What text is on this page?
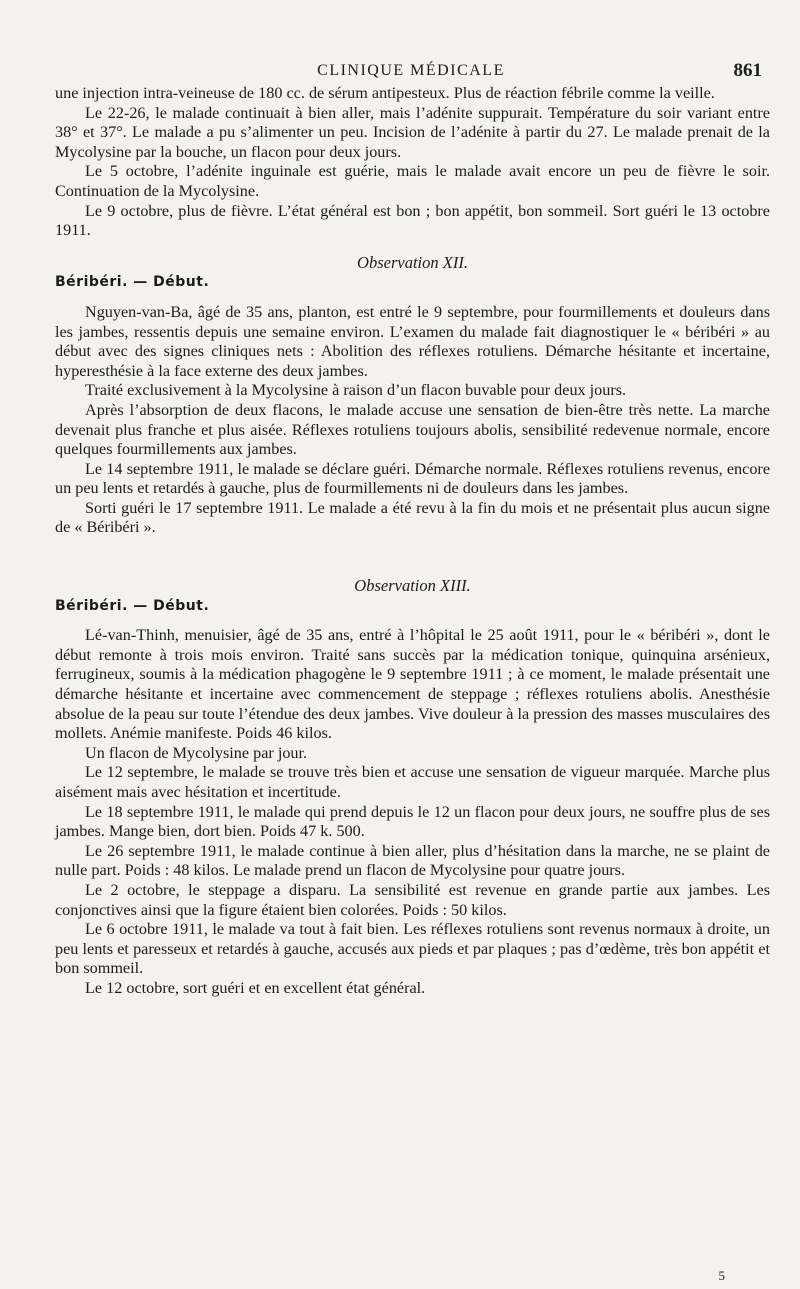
CLINIQUE MÉDICALE	861

une injection intra-veineuse de 180 cc. de sérum antipesteux. Plus de réaction fébrile comme la veille.

Le 22-26, le malade continuait à bien aller, mais l’adénite suppurait. Température du soir variant entre 38° et 37°. Le malade a pu s’alimenter un peu. Incision de l’adénite à partir du 27. Le malade prenait de la Mycolysine par la bouche, un flacon pour deux jours.

Le 5 octobre, l’adénite inguinale est guérie, mais le malade avait encore un peu de fièvre le soir. Continuation de la Mycolysine.

Le 9 octobre, plus de fièvre. L’état général est bon ; bon appétit, bon sommeil. Sort guéri le 13 octobre 1911.

Observation XII.
Béribéri. — Début.

Nguyen-van-Ba, âgé de 35 ans, planton, est entré le 9 septembre, pour fourmillements et douleurs dans les jambes, ressentis depuis une semaine environ. L’examen du malade fait diagnostiquer le « béribéri » au début avec des signes cliniques nets : Abolition des réflexes rotuliens. Démarche hésitante et incertaine, hyperesthésie à la face externe des deux jambes.

Traité exclusivement à la Mycolysine à raison d’un flacon buvable pour deux jours.

Après l’absorption de deux flacons, le malade accuse une sensation de bien-être très nette. La marche devenait plus franche et plus aisée. Réflexes rotuliens toujours abolis, sensibilité redevenue normale, encore quelques fourmillements aux jambes.

Le 14 septembre 1911, le malade se déclare guéri. Démarche normale. Réflexes rotuliens revenus, encore un peu lents et retardés à gauche, plus de fourmillements ni de douleurs dans les jambes.

Sorti guéri le 17 septembre 1911. Le malade a été revu à la fin du mois et ne présentait plus aucun signe de « Béribéri ».

Observation XIII.
Béribéri. — Début.

Lé-van-Thinh, menuisier, âgé de 35 ans, entré à l’hôpital le 25 août 1911, pour le « béribéri », dont le début remonte à trois mois environ. Traité sans succès par la médication tonique, quinquina arsénieux, ferrugineux, soumis à la médication phagogène le 9 septembre 1911 ; à ce moment, le malade présentait une démarche hésitante et incertaine avec commencement de steppage ; réflexes rotuliens abolis. Anesthésie absolue de la peau sur toute l’étendue des deux jambes. Vive douleur à la pression des masses musculaires des mollets. Anémie manifeste. Poids 46 kilos.

Un flacon de Mycolysine par jour.

Le 12 septembre, le malade se trouve très bien et accuse une sensation de vigueur marquée. Marche plus aisément mais avec hésitation et incertitude.

Le 18 septembre 1911, le malade qui prend depuis le 12 un flacon pour deux jours, ne souffre plus de ses jambes. Mange bien, dort bien. Poids 47 k. 500.

Le 26 septembre 1911, le malade continue à bien aller, plus d’hésitation dans la marche, ne se plaint de nulle part. Poids : 48 kilos. Le malade prend un flacon de Mycolysine pour quatre jours.

Le 2 octobre, le steppage a disparu. La sensibilité est revenue en grande partie aux jambes. Les conjonctives ainsi que la figure étaient bien colorées. Poids : 50 kilos.

Le 6 octobre 1911, le malade va tout à fait bien. Les réflexes rotuliens sont revenus normaux à droite, un peu lents et paresseux et retardés à gauche, accusés aux pieds et par plaques ; pas d’œdème, très bon appétit et bon sommeil.

Le 12 octobre, sort guéri et en excellent état général.

5
